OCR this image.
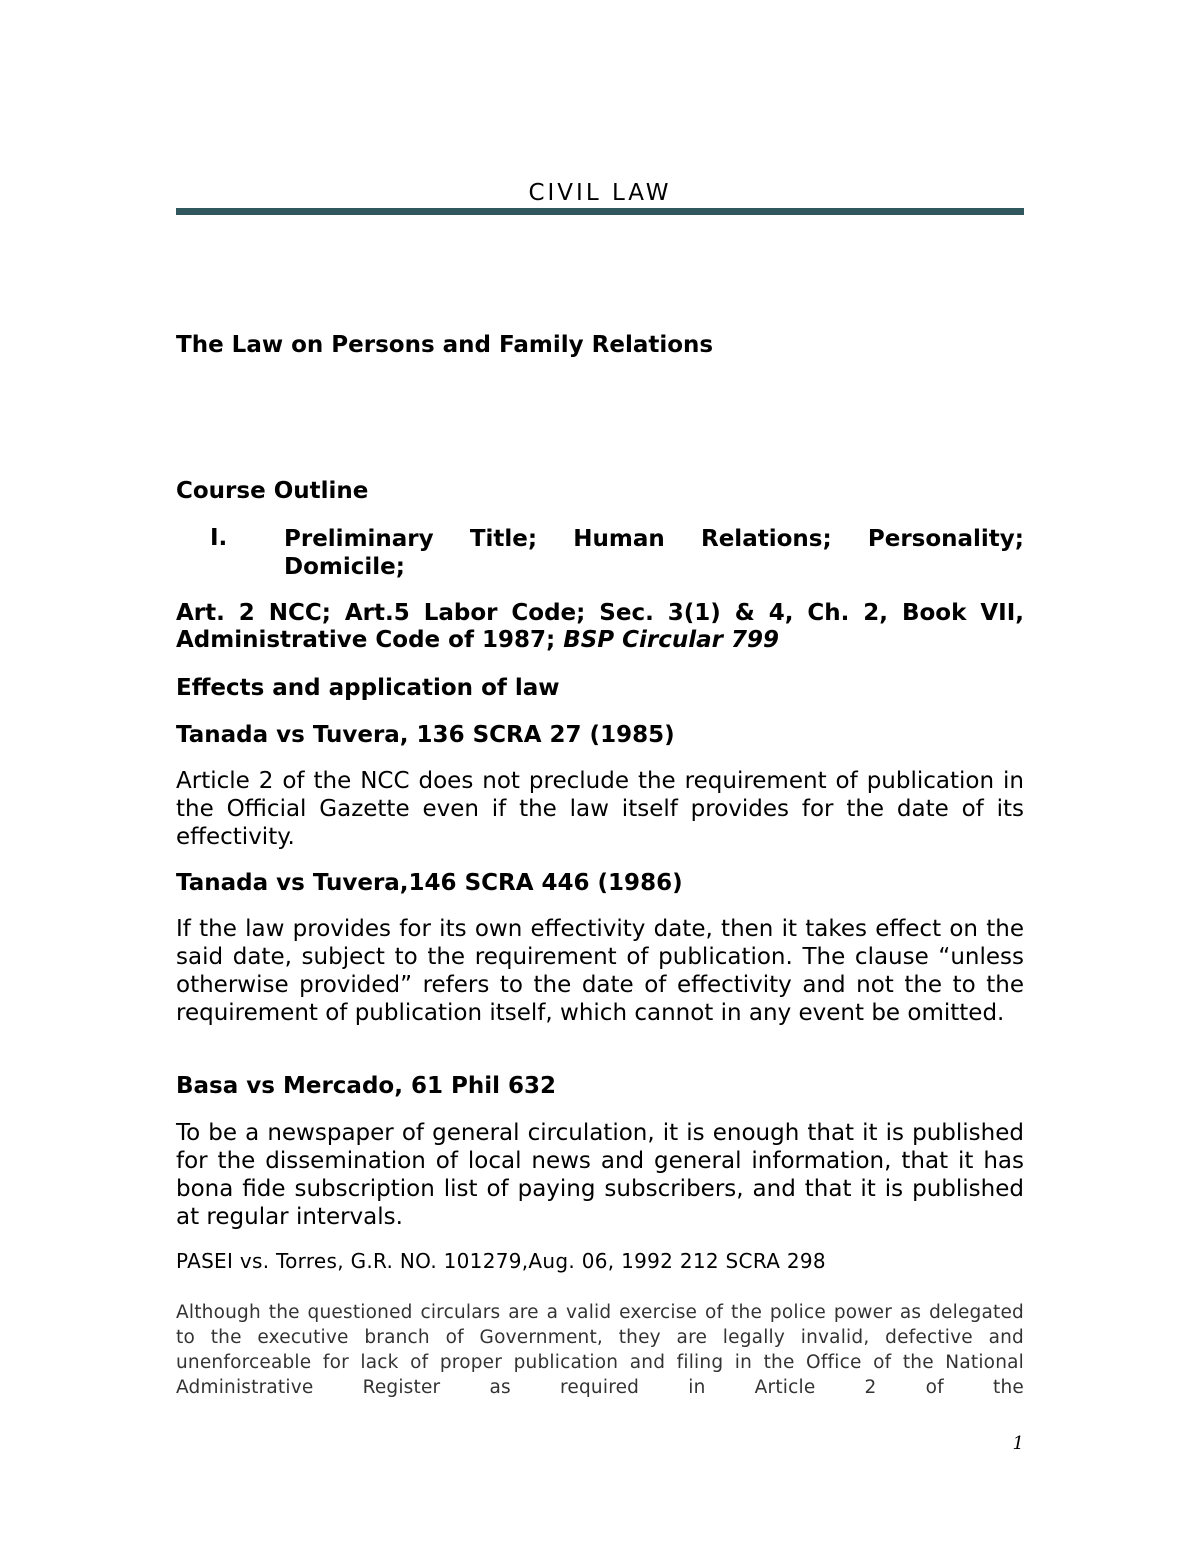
CIVIL LAW
The Law on Persons and Family Relations
Course Outline
I. Preliminary Title; Human Relations; Personality; Domicile;
Art. 2 NCC; Art.5 Labor Code; Sec. 3(1) & 4, Ch. 2, Book VII, Administrative Code of 1987; BSP Circular 799
Effects and application of law
Tanada vs Tuvera, 136 SCRA 27 (1985)
Article 2 of the NCC does not preclude the requirement of publication in the Official Gazette even if the law itself provides for the date of its effectivity.
Tanada vs Tuvera,146 SCRA 446 (1986)
If the law provides for its own effectivity date, then it takes effect on the said date, subject to the requirement of publication. The clause “unless otherwise provided” refers to the date of effectivity and not the to the requirement of publication itself, which cannot in any event be omitted.
Basa vs Mercado, 61 Phil 632
To be a newspaper of general circulation, it is enough that it is published for the dissemination of local news and general information, that it has bona fide subscription list of paying subscribers, and that it is published at regular intervals.
PASEI vs. Torres, G.R. NO. 101279,Aug. 06, 1992 212 SCRA 298
Although the questioned circulars are a valid exercise of the police power as delegated to the executive branch of Government, they are legally invalid, defective and unenforceable for lack of proper publication and filing in the Office of the National Administrative Register as required in Article 2 of the
1
